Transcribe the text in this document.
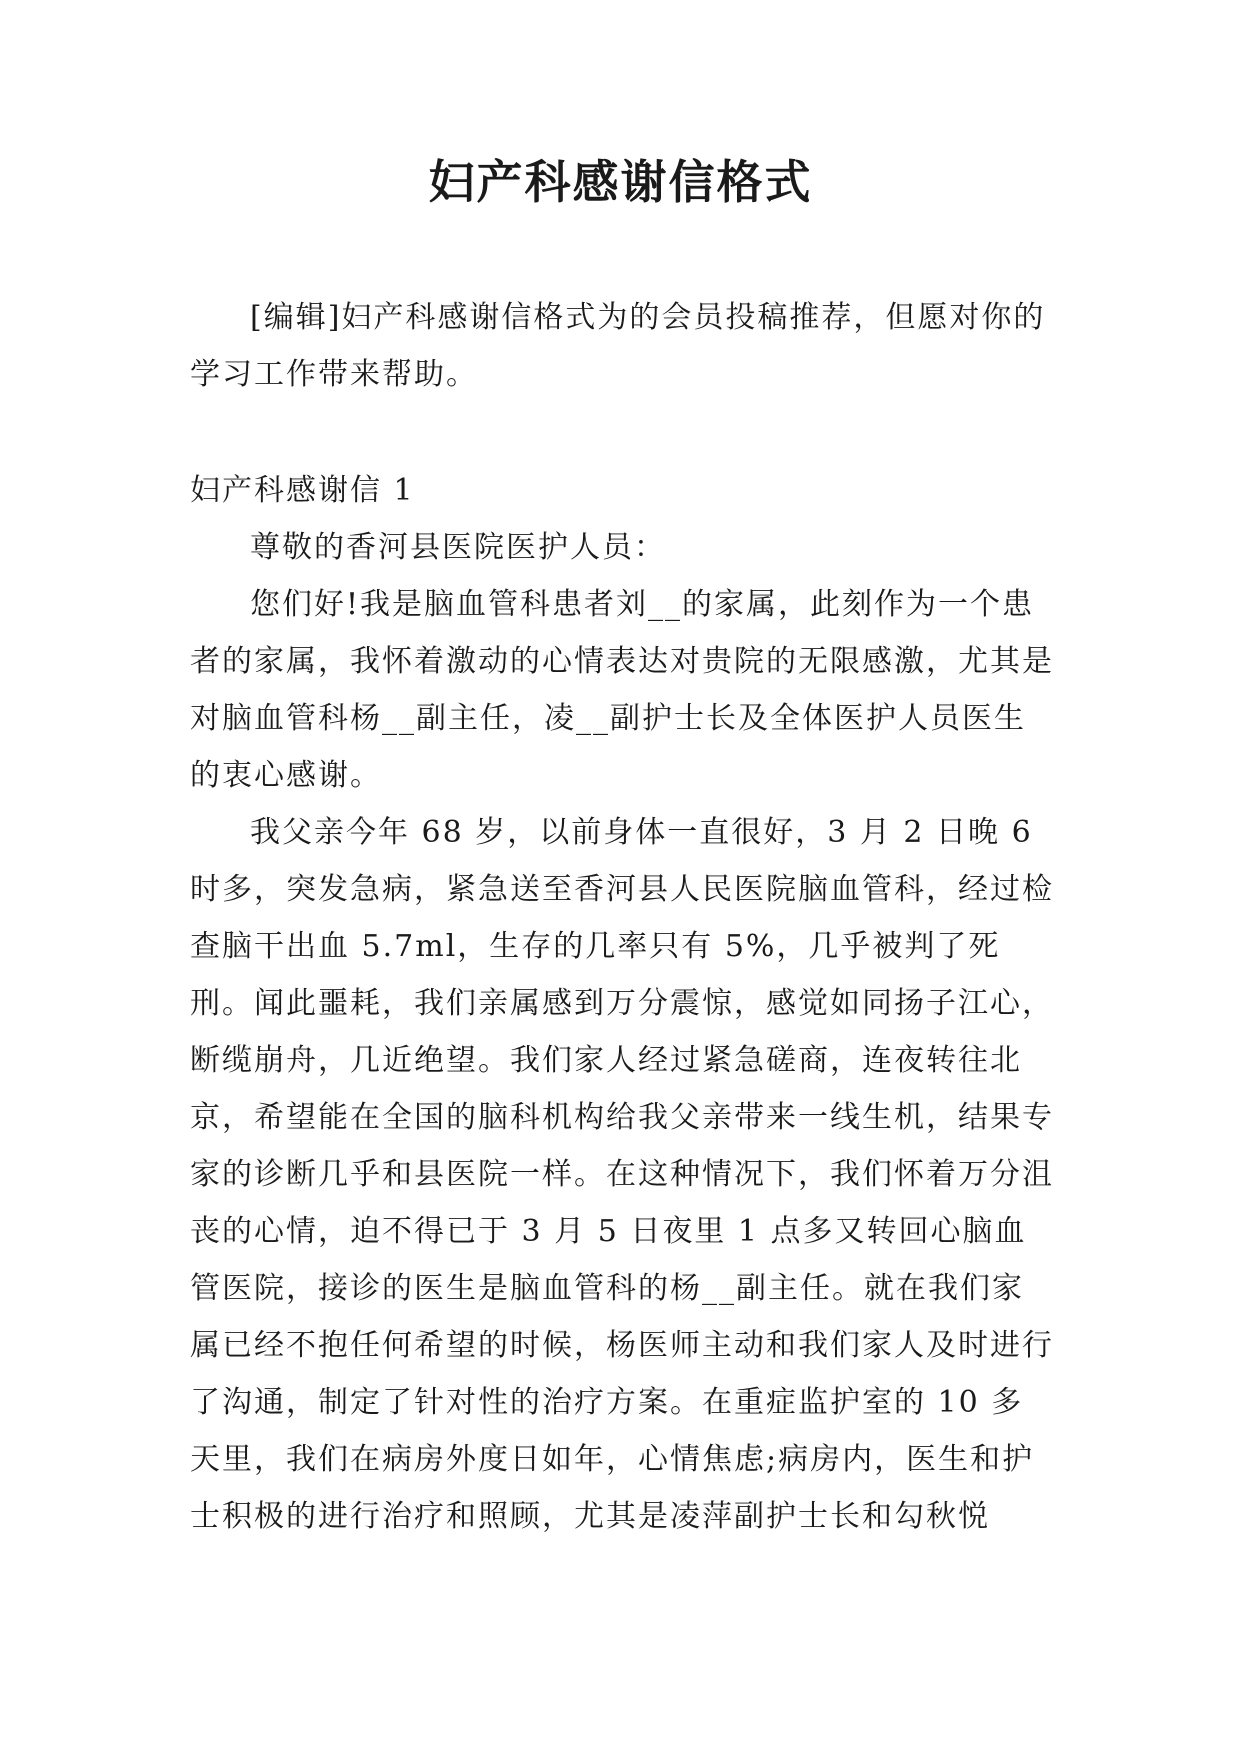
妇产科感谢信格式

[编辑]妇产科感谢信格式为的会员投稿推荐，但愿对你的学习工作带来帮助。

妇产科感谢信 1

尊敬的香河县医院医护人员：

您们好!我是脑血管科患者刘__的家属，此刻作为一个患者的家属，我怀着激动的心情表达对贵院的无限感激，尤其是对脑血管科杨__副主任，凌__副护士长及全体医护人员医生的衷心感谢。

我父亲今年 68 岁，以前身体一直很好，3 月 2 日晚 6 时多，突发急病，紧急送至香河县人民医院脑血管科，经过检查脑干出血 5.7ml，生存的几率只有 5%，几乎被判了死刑。闻此噩耗，我们亲属感到万分震惊，感觉如同扬子江心，断缆崩舟，几近绝望。我们家人经过紧急磋商，连夜转往北京，希望能在全国的脑科机构给我父亲带来一线生机，结果专家的诊断几乎和县医院一样。在这种情况下，我们怀着万分沮丧的心情，迫不得已于 3 月 5 日夜里 1 点多又转回心脑血管医院，接诊的医生是脑血管科的杨__副主任。就在我们家属已经不抱任何希望的时候，杨医师主动和我们家人及时进行了沟通，制定了针对性的治疗方案。在重症监护室的 10 多天里，我们在病房外度日如年，心情焦虑;病房内，医生和护士积极的进行治疗和照顾，尤其是凌萍副护士长和勾秋悦
